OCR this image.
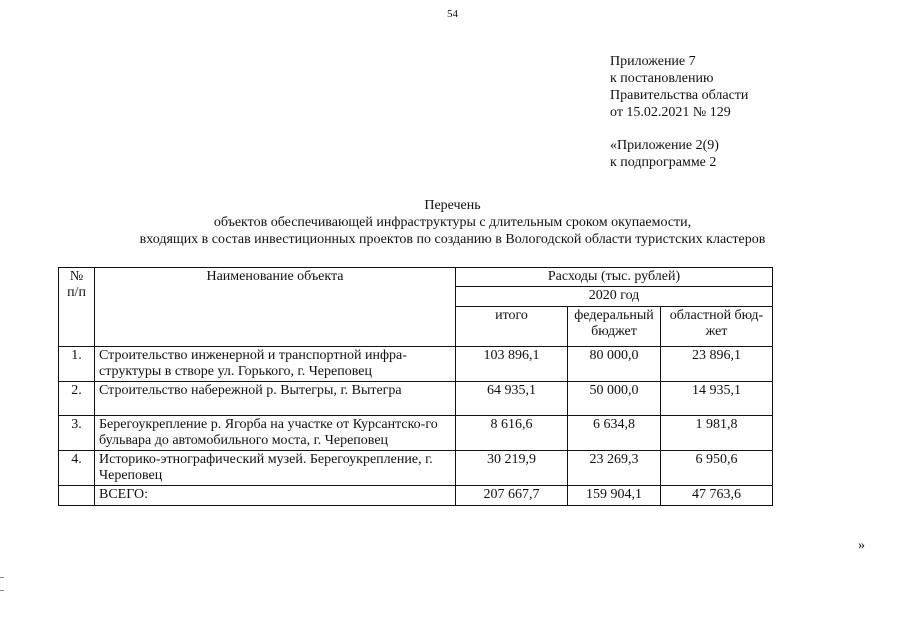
54
Приложение 7
к постановлению
Правительства области
от 15.02.2021 № 129
«Приложение 2(9)
к подпрограмме 2
Перечень
объектов обеспечивающей инфраструктуры с длительным сроком окупаемости,
входящих в состав инвестиционных проектов по созданию в Вологодской области туристских кластеров
№ п/п	Наименование объекта	Расходы (тыс. рублей)		
		2020 год		
		итого	федеральный бюджет	областной бюд-жет
1.	Строительство инженерной и транспортной инфра-структуры в створе ул. Горького, г. Череповец	103 896,1	80 000,0	23 896,1
2.	Строительство набережной р. Вытегры, г. Вытегра	64 935,1	50 000,0	14 935,1
3.	Берегоукрепление р. Ягорба на участке от Курсантско-го бульвара до автомобильного моста, г. Череповец	8 616,6	6 634,8	1 981,8
4.	Историко-этнографический музей. Берегоукрепление, г. Череповец	30 219,9	23 269,3	6 950,6
	ВСЕГО:	207 667,7	159 904,1	47 763,6
»
